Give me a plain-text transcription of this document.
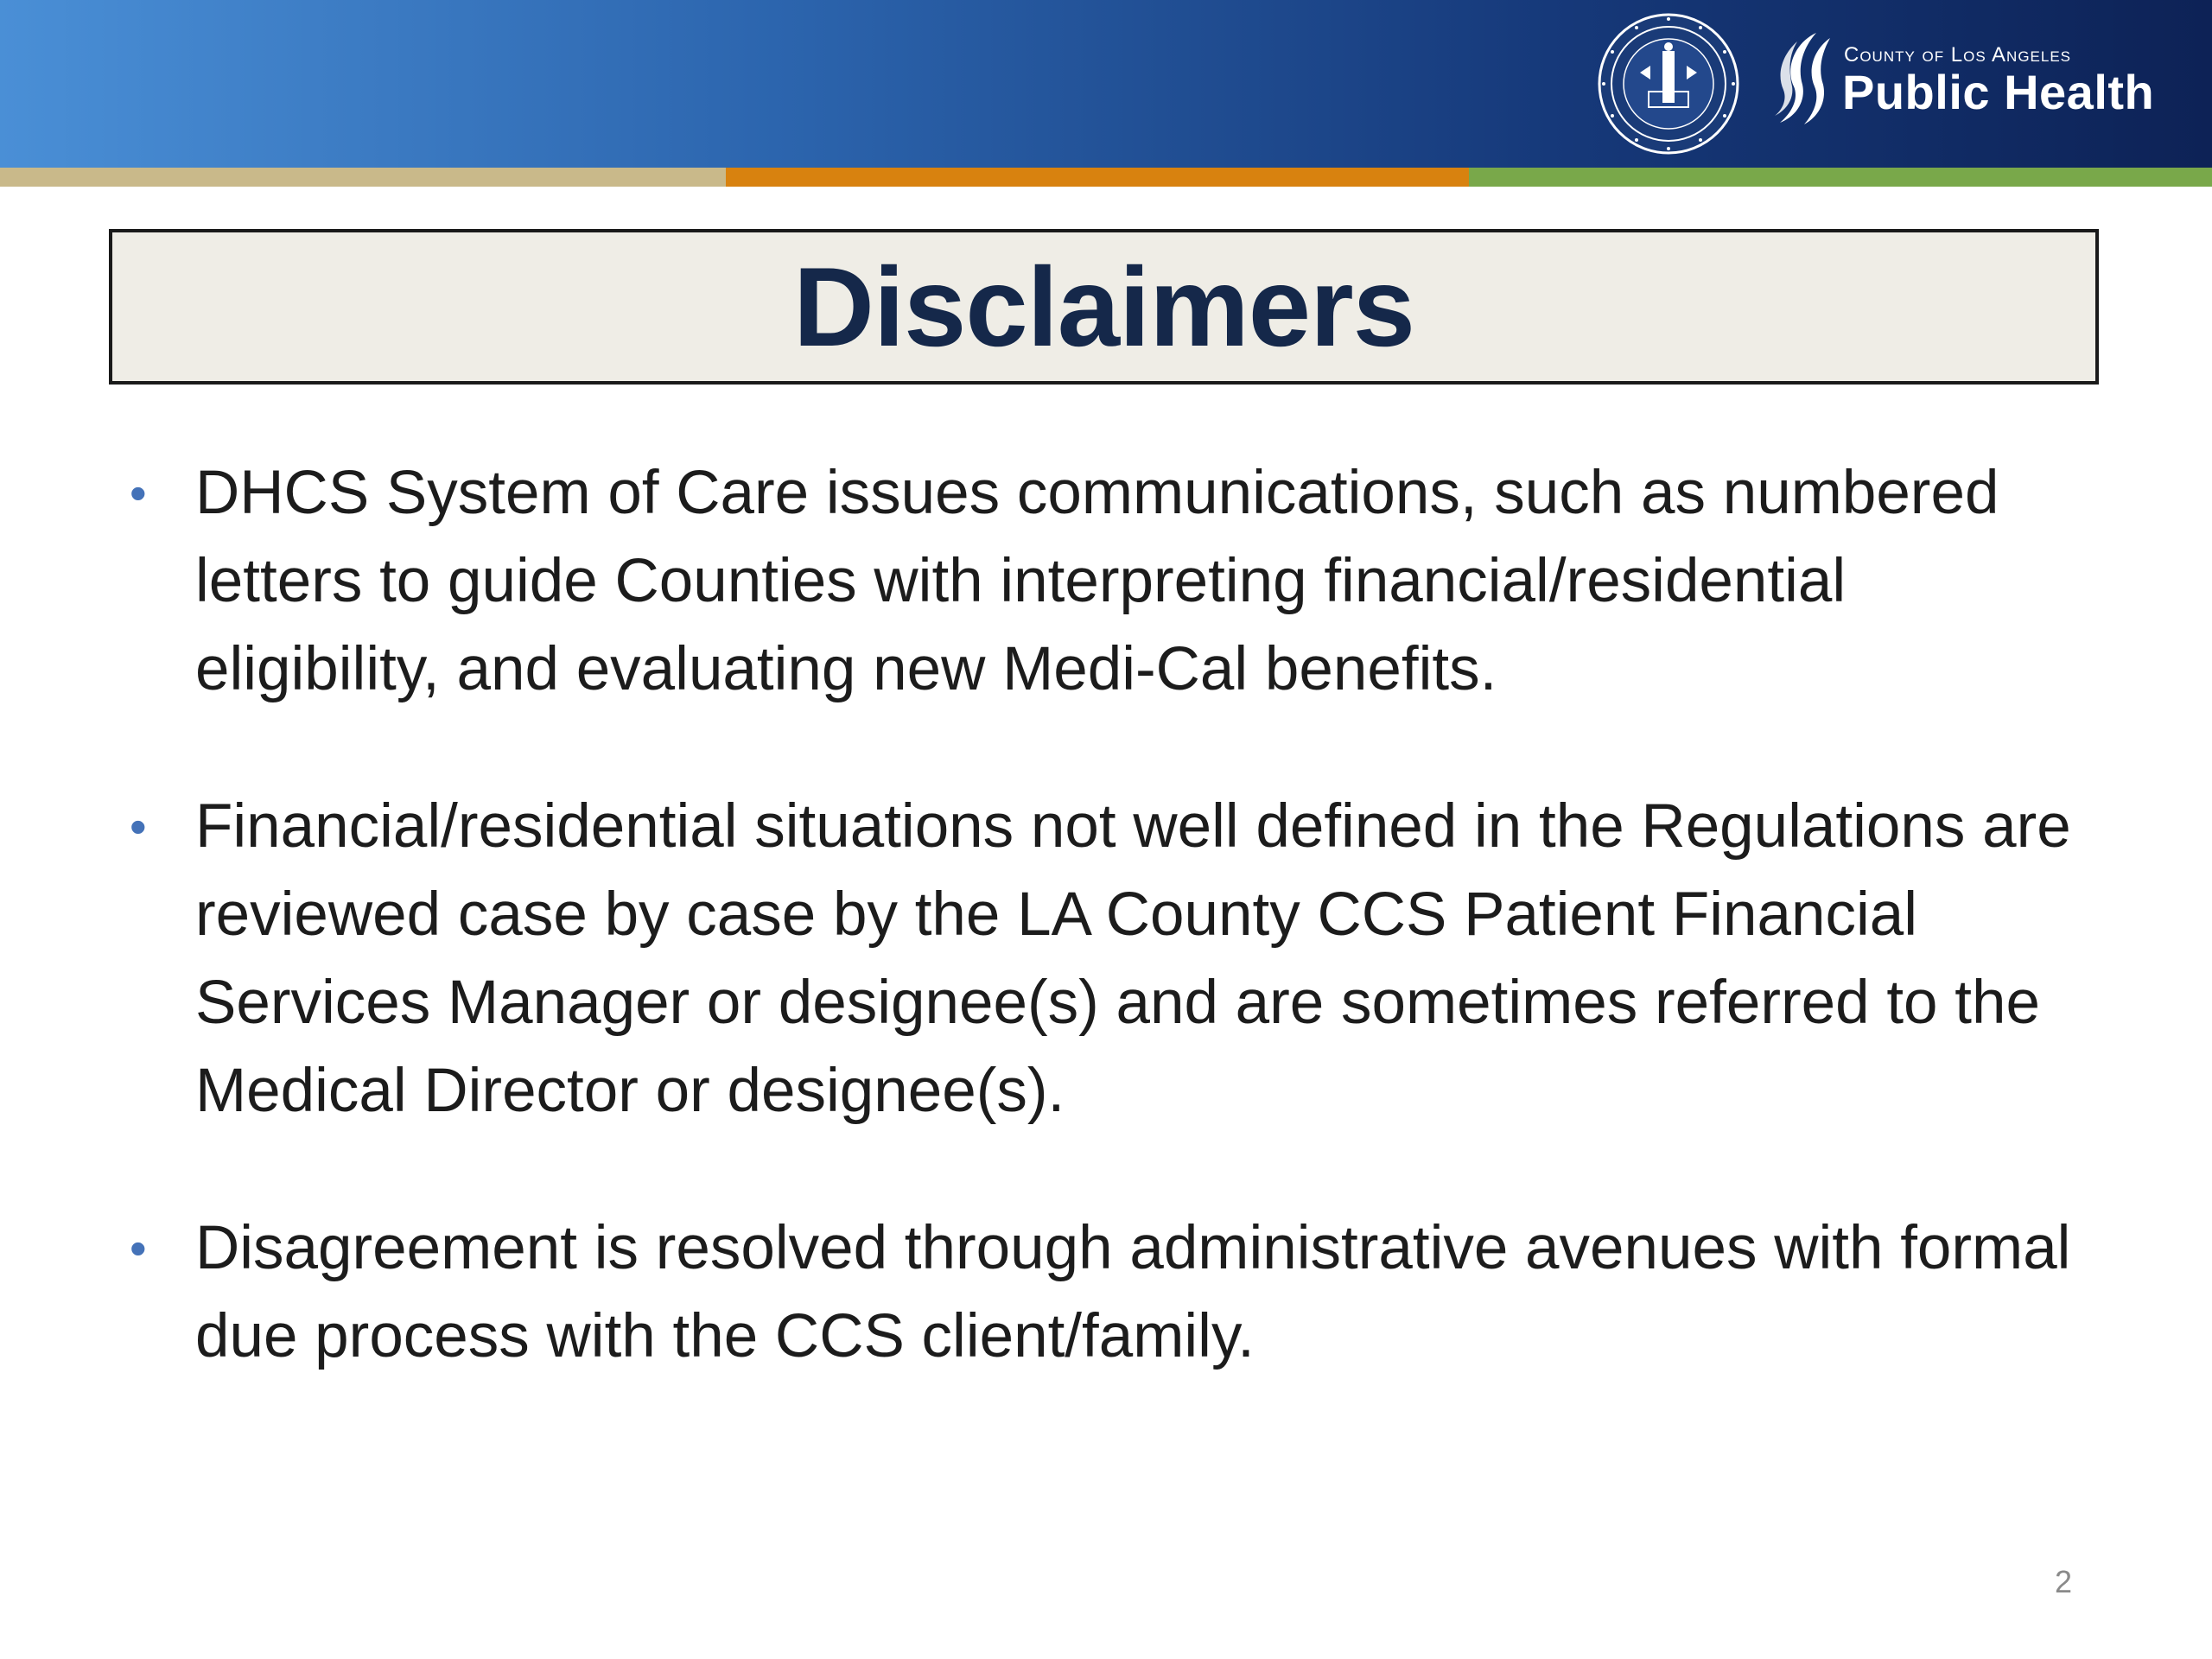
County of Los Angeles
Public Health
Disclaimers
• DHCS System of Care issues communications, such as numbered letters to guide Counties with interpreting financial/residential eligibility, and evaluating new Medi-Cal benefits.
• Financial/residential situations not well defined in the Regulations are reviewed case by case by the LA County CCS Patient Financial Services Manager or designee(s) and are sometimes referred to the Medical Director or designee(s).
• Disagreement is resolved through administrative avenues with formal due process with the CCS client/family.
2
